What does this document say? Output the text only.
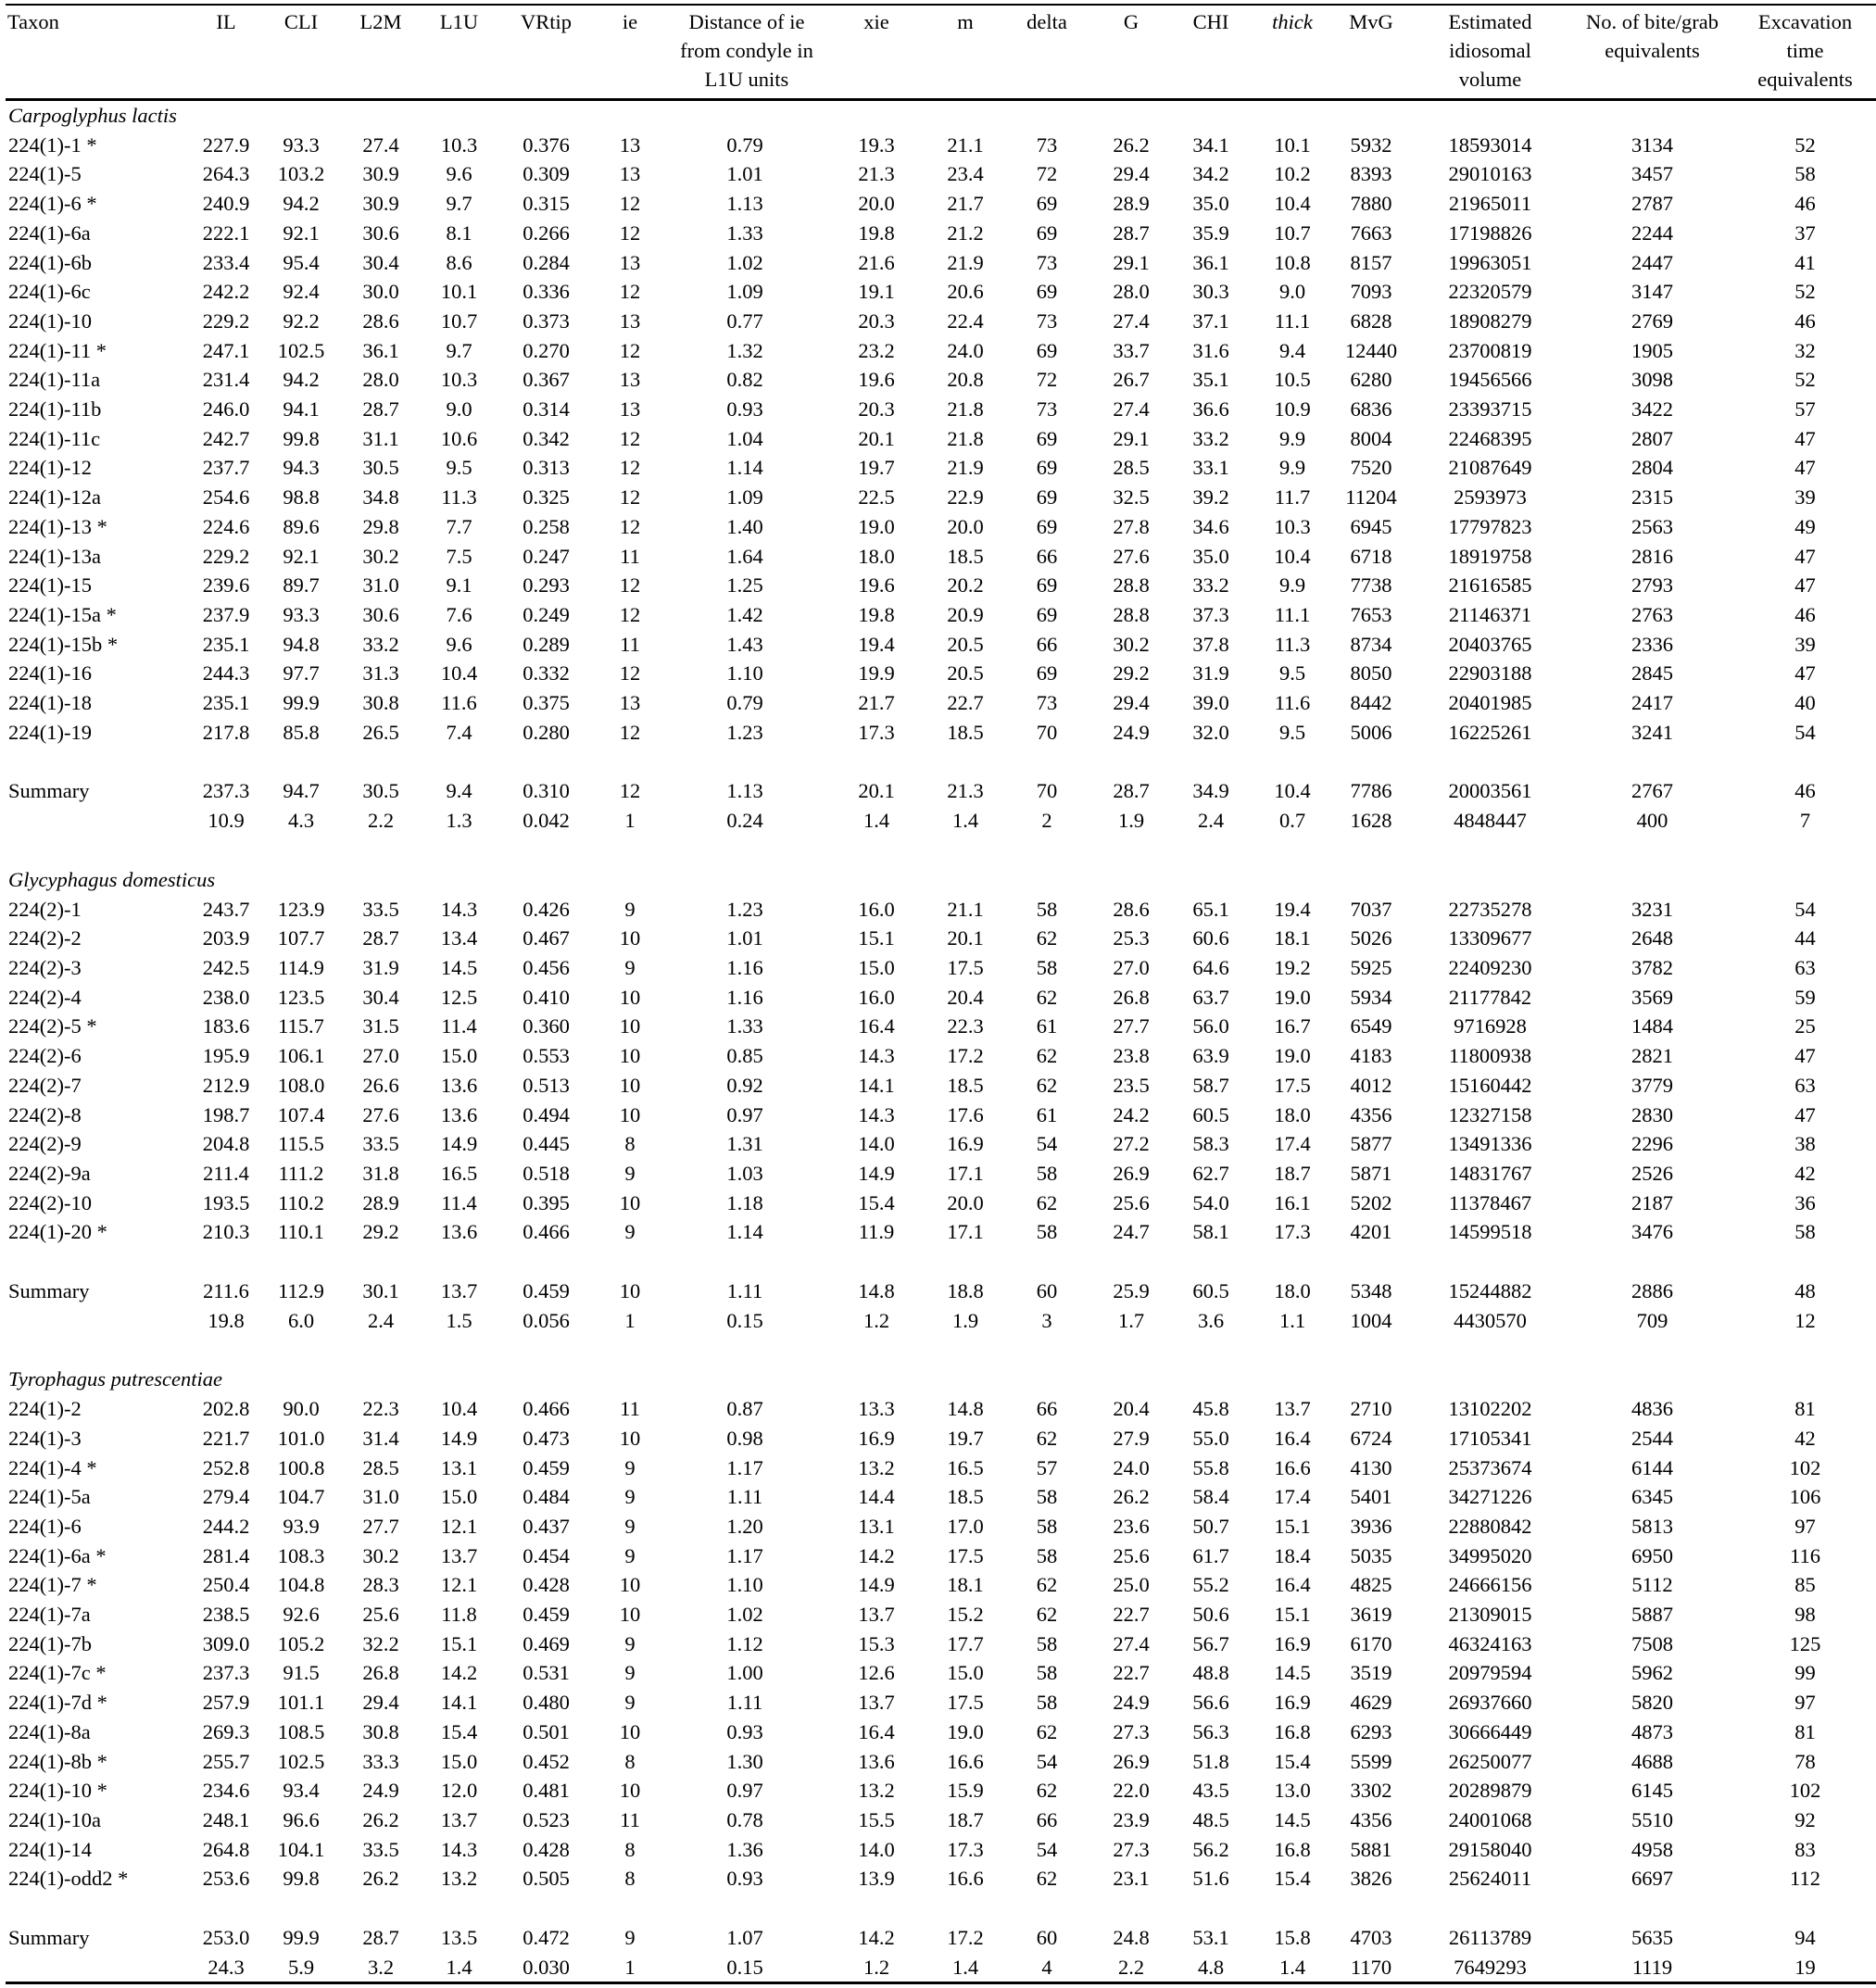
Taxon	IL	CLI	L2M	L1U	VRtip	ie	Distance of ie from condyle in L1U units	xie	m	delta	G	CHI	thick	MvG	Estimated idiosomal volume	No. of bite/grab equivalents	Excavation time equivalents

Carpoglyphus lactis																	
224(1)-1 *	227.9	93.3	27.4	10.3	0.376	13	0.79	19.3	21.1	73	26.2	34.1	10.1	5932	18593014	3134	52
224(1)-5	264.3	103.2	30.9	9.6	0.309	13	1.01	21.3	23.4	72	29.4	34.2	10.2	8393	29010163	3457	58
224(1)-6 *	240.9	94.2	30.9	9.7	0.315	12	1.13	20.0	21.7	69	28.9	35.0	10.4	7880	21965011	2787	46
224(1)-6a	222.1	92.1	30.6	8.1	0.266	12	1.33	19.8	21.2	69	28.7	35.9	10.7	7663	17198826	2244	37
224(1)-6b	233.4	95.4	30.4	8.6	0.284	13	1.02	21.6	21.9	73	29.1	36.1	10.8	8157	19963051	2447	41
224(1)-6c	242.2	92.4	30.0	10.1	0.336	12	1.09	19.1	20.6	69	28.0	30.3	9.0	7093	22320579	3147	52
224(1)-10	229.2	92.2	28.6	10.7	0.373	13	0.77	20.3	22.4	73	27.4	37.1	11.1	6828	18908279	2769	46
224(1)-11 *	247.1	102.5	36.1	9.7	0.270	12	1.32	23.2	24.0	69	33.7	31.6	9.4	12440	23700819	1905	32
224(1)-11a	231.4	94.2	28.0	10.3	0.367	13	0.82	19.6	20.8	72	26.7	35.1	10.5	6280	19456566	3098	52
224(1)-11b	246.0	94.1	28.7	9.0	0.314	13	0.93	20.3	21.8	73	27.4	36.6	10.9	6836	23393715	3422	57
224(1)-11c	242.7	99.8	31.1	10.6	0.342	12	1.04	20.1	21.8	69	29.1	33.2	9.9	8004	22468395	2807	47
224(1)-12	237.7	94.3	30.5	9.5	0.313	12	1.14	19.7	21.9	69	28.5	33.1	9.9	7520	21087649	2804	47
224(1)-12a	254.6	98.8	34.8	11.3	0.325	12	1.09	22.5	22.9	69	32.5	39.2	11.7	11204	2593973	2315	39
224(1)-13 *	224.6	89.6	29.8	7.7	0.258	12	1.40	19.0	20.0	69	27.8	34.6	10.3	6945	17797823	2563	49
224(1)-13a	229.2	92.1	30.2	7.5	0.247	11	1.64	18.0	18.5	66	27.6	35.0	10.4	6718	18919758	2816	47
224(1)-15	239.6	89.7	31.0	9.1	0.293	12	1.25	19.6	20.2	69	28.8	33.2	9.9	7738	21616585	2793	47
224(1)-15a *	237.9	93.3	30.6	7.6	0.249	12	1.42	19.8	20.9	69	28.8	37.3	11.1	7653	21146371	2763	46
224(1)-15b *	235.1	94.8	33.2	9.6	0.289	11	1.43	19.4	20.5	66	30.2	37.8	11.3	8734	20403765	2336	39
224(1)-16	244.3	97.7	31.3	10.4	0.332	12	1.10	19.9	20.5	69	29.2	31.9	9.5	8050	22903188	2845	47
224(1)-18	235.1	99.9	30.8	11.6	0.375	13	0.79	21.7	22.7	73	29.4	39.0	11.6	8442	20401985	2417	40
224(1)-19	217.8	85.8	26.5	7.4	0.280	12	1.23	17.3	18.5	70	24.9	32.0	9.5	5006	16225261	3241	54

Summary	237.3	94.7	30.5	9.4	0.310	12	1.13	20.1	21.3	70	28.7	34.9	10.4	7786	20003561	2767	46
	10.9	4.3	2.2	1.3	0.042	1	0.24	1.4	1.4	2	1.9	2.4	0.7	1628	4848447	400	7

Glycyphagus domesticus																	
224(2)-1	243.7	123.9	33.5	14.3	0.426	9	1.23	16.0	21.1	58	28.6	65.1	19.4	7037	22735278	3231	54
224(2)-2	203.9	107.7	28.7	13.4	0.467	10	1.01	15.1	20.1	62	25.3	60.6	18.1	5026	13309677	2648	44
224(2)-3	242.5	114.9	31.9	14.5	0.456	9	1.16	15.0	17.5	58	27.0	64.6	19.2	5925	22409230	3782	63
224(2)-4	238.0	123.5	30.4	12.5	0.410	10	1.16	16.0	20.4	62	26.8	63.7	19.0	5934	21177842	3569	59
224(2)-5 *	183.6	115.7	31.5	11.4	0.360	10	1.33	16.4	22.3	61	27.7	56.0	16.7	6549	9716928	1484	25
224(2)-6	195.9	106.1	27.0	15.0	0.553	10	0.85	14.3	17.2	62	23.8	63.9	19.0	4183	11800938	2821	47
224(2)-7	212.9	108.0	26.6	13.6	0.513	10	0.92	14.1	18.5	62	23.5	58.7	17.5	4012	15160442	3779	63
224(2)-8	198.7	107.4	27.6	13.6	0.494	10	0.97	14.3	17.6	61	24.2	60.5	18.0	4356	12327158	2830	47
224(2)-9	204.8	115.5	33.5	14.9	0.445	8	1.31	14.0	16.9	54	27.2	58.3	17.4	5877	13491336	2296	38
224(2)-9a	211.4	111.2	31.8	16.5	0.518	9	1.03	14.9	17.1	58	26.9	62.7	18.7	5871	14831767	2526	42
224(2)-10	193.5	110.2	28.9	11.4	0.395	10	1.18	15.4	20.0	62	25.6	54.0	16.1	5202	11378467	2187	36
224(1)-20 *	210.3	110.1	29.2	13.6	0.466	9	1.14	11.9	17.1	58	24.7	58.1	17.3	4201	14599518	3476	58

Summary	211.6	112.9	30.1	13.7	0.459	10	1.11	14.8	18.8	60	25.9	60.5	18.0	5348	15244882	2886	48
	19.8	6.0	2.4	1.5	0.056	1	0.15	1.2	1.9	3	1.7	3.6	1.1	1004	4430570	709	12

Tyrophagus putrescentiae																	
224(1)-2	202.8	90.0	22.3	10.4	0.466	11	0.87	13.3	14.8	66	20.4	45.8	13.7	2710	13102202	4836	81
224(1)-3	221.7	101.0	31.4	14.9	0.473	10	0.98	16.9	19.7	62	27.9	55.0	16.4	6724	17105341	2544	42
224(1)-4 *	252.8	100.8	28.5	13.1	0.459	9	1.17	13.2	16.5	57	24.0	55.8	16.6	4130	25373674	6144	102
224(1)-5a	279.4	104.7	31.0	15.0	0.484	9	1.11	14.4	18.5	58	26.2	58.4	17.4	5401	34271226	6345	106
224(1)-6	244.2	93.9	27.7	12.1	0.437	9	1.20	13.1	17.0	58	23.6	50.7	15.1	3936	22880842	5813	97
224(1)-6a *	281.4	108.3	30.2	13.7	0.454	9	1.17	14.2	17.5	58	25.6	61.7	18.4	5035	34995020	6950	116
224(1)-7 *	250.4	104.8	28.3	12.1	0.428	10	1.10	14.9	18.1	62	25.0	55.2	16.4	4825	24666156	5112	85
224(1)-7a	238.5	92.6	25.6	11.8	0.459	10	1.02	13.7	15.2	62	22.7	50.6	15.1	3619	21309015	5887	98
224(1)-7b	309.0	105.2	32.2	15.1	0.469	9	1.12	15.3	17.7	58	27.4	56.7	16.9	6170	46324163	7508	125
224(1)-7c *	237.3	91.5	26.8	14.2	0.531	9	1.00	12.6	15.0	58	22.7	48.8	14.5	3519	20979594	5962	99
224(1)-7d *	257.9	101.1	29.4	14.1	0.480	9	1.11	13.7	17.5	58	24.9	56.6	16.9	4629	26937660	5820	97
224(1)-8a	269.3	108.5	30.8	15.4	0.501	10	0.93	16.4	19.0	62	27.3	56.3	16.8	6293	30666449	4873	81
224(1)-8b *	255.7	102.5	33.3	15.0	0.452	8	1.30	13.6	16.6	54	26.9	51.8	15.4	5599	26250077	4688	78
224(1)-10 *	234.6	93.4	24.9	12.0	0.481	10	0.97	13.2	15.9	62	22.0	43.5	13.0	3302	20289879	6145	102
224(1)-10a	248.1	96.6	26.2	13.7	0.523	11	0.78	15.5	18.7	66	23.9	48.5	14.5	4356	24001068	5510	92
224(1)-14	264.8	104.1	33.5	14.3	0.428	8	1.36	14.0	17.3	54	27.3	56.2	16.8	5881	29158040	4958	83
224(1)-odd2 *	253.6	99.8	26.2	13.2	0.505	8	0.93	13.9	16.6	62	23.1	51.6	15.4	3826	25624011	6697	112

Summary	253.0	99.9	28.7	13.5	0.472	9	1.07	14.2	17.2	60	24.8	53.1	15.8	4703	26113789	5635	94
	24.3	5.9	3.2	1.4	0.030	1	0.15	1.2	1.4	4	2.2	4.8	1.4	1170	7649293	1119	19
